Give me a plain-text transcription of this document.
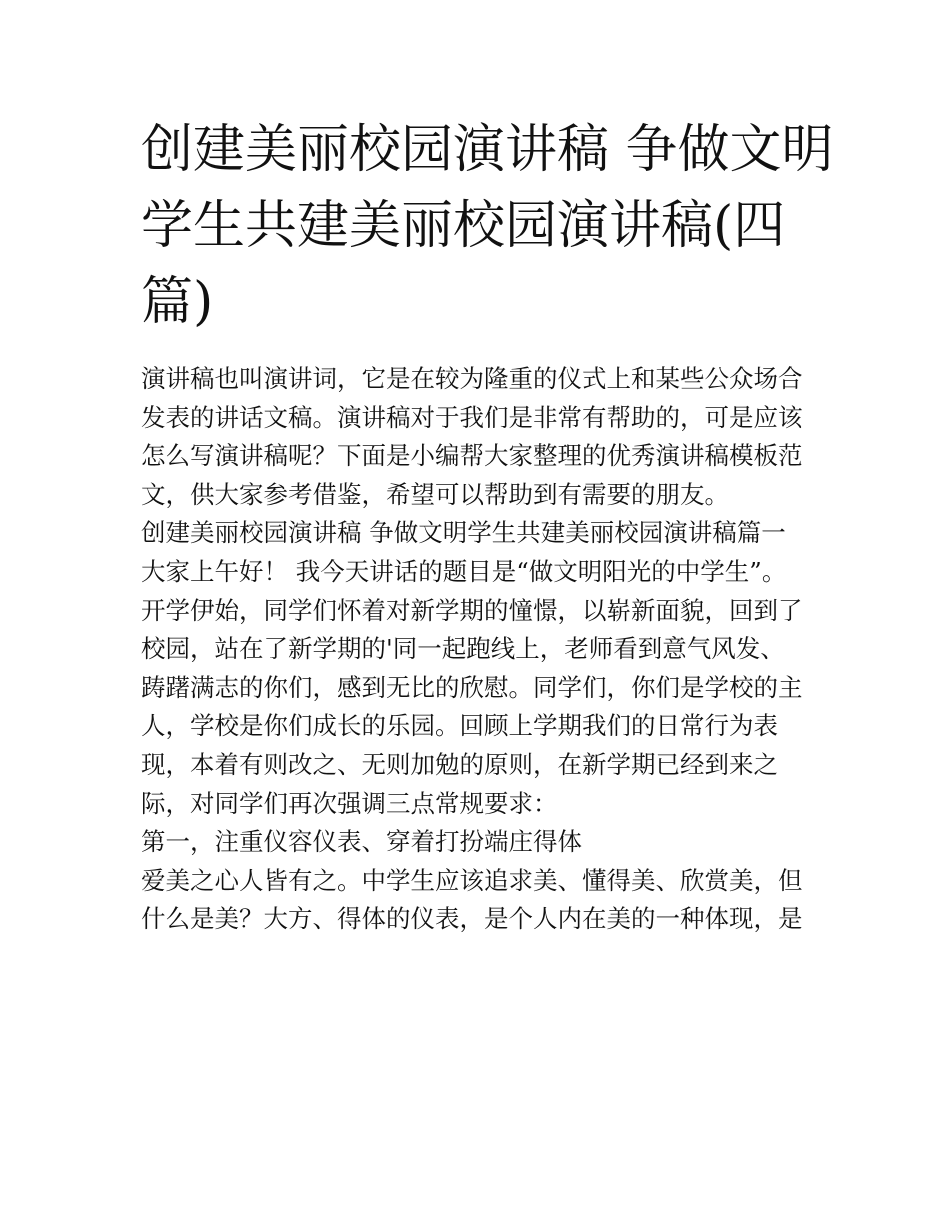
创建美丽校园演讲稿 争做文明
学生共建美丽校园演讲稿(四
篇)
演讲稿也叫演讲词，它是在较为隆重的仪式上和某些公众场合
发表的讲话文稿。演讲稿对于我们是非常有帮助的，可是应该
怎么写演讲稿呢？下面是小编帮大家整理的优秀演讲稿模板范
文，供大家参考借鉴，希望可以帮助到有需要的朋友。
创建美丽校园演讲稿 争做文明学生共建美丽校园演讲稿篇一
大家上午好！ 我今天讲话的题目是“做文明阳光的中学生”。
开学伊始，同学们怀着对新学期的憧憬，以崭新面貌，回到了
校园，站在了新学期的'同一起跑线上，老师看到意气风发、
踌躇满志的你们，感到无比的欣慰。同学们，你们是学校的主
人，学校是你们成长的乐园。回顾上学期我们的日常行为表
现，本着有则改之、无则加勉的原则，在新学期已经到来之
际，对同学们再次强调三点常规要求：
第一，注重仪容仪表、穿着打扮端庄得体
爱美之心人皆有之。中学生应该追求美、懂得美、欣赏美，但
什么是美？大方、得体的仪表，是个人内在美的一种体现，是
